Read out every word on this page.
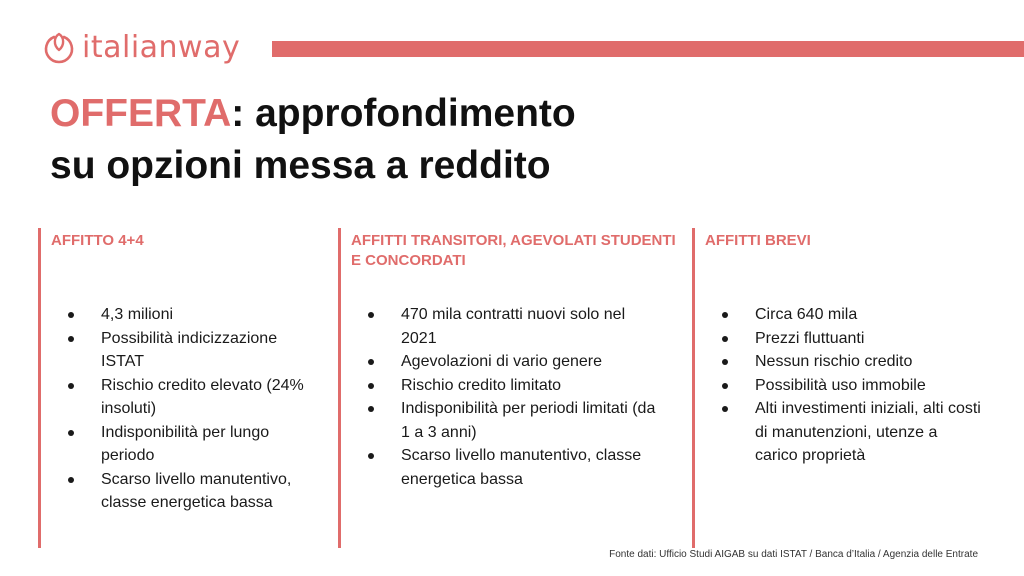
italianway
OFFERTA: approfondimento
su opzioni messa a reddito
AFFITTO 4+4
4,3 milioni
Possibilità indicizzazione ISTAT
Rischio credito elevato (24% insoluti)
Indisponibilità per lungo periodo
Scarso livello manutentivo, classe energetica bassa
AFFITTI TRANSITORI, AGEVOLATI STUDENTI E CONCORDATI
470 mila contratti nuovi solo nel 2021
Agevolazioni di vario genere
Rischio credito limitato
Indisponibilità per periodi limitati (da 1 a 3 anni)
Scarso livello manutentivo, classe energetica bassa
AFFITTI BREVI
Circa 640 mila
Prezzi fluttuanti
Nessun rischio credito
Possibilità uso immobile
Alti investimenti iniziali, alti costi di manutenzioni, utenze a carico proprietà
Fonte dati: Ufficio Studi AIGAB su dati ISTAT / Banca d’Italia / Agenzia delle Entrate
